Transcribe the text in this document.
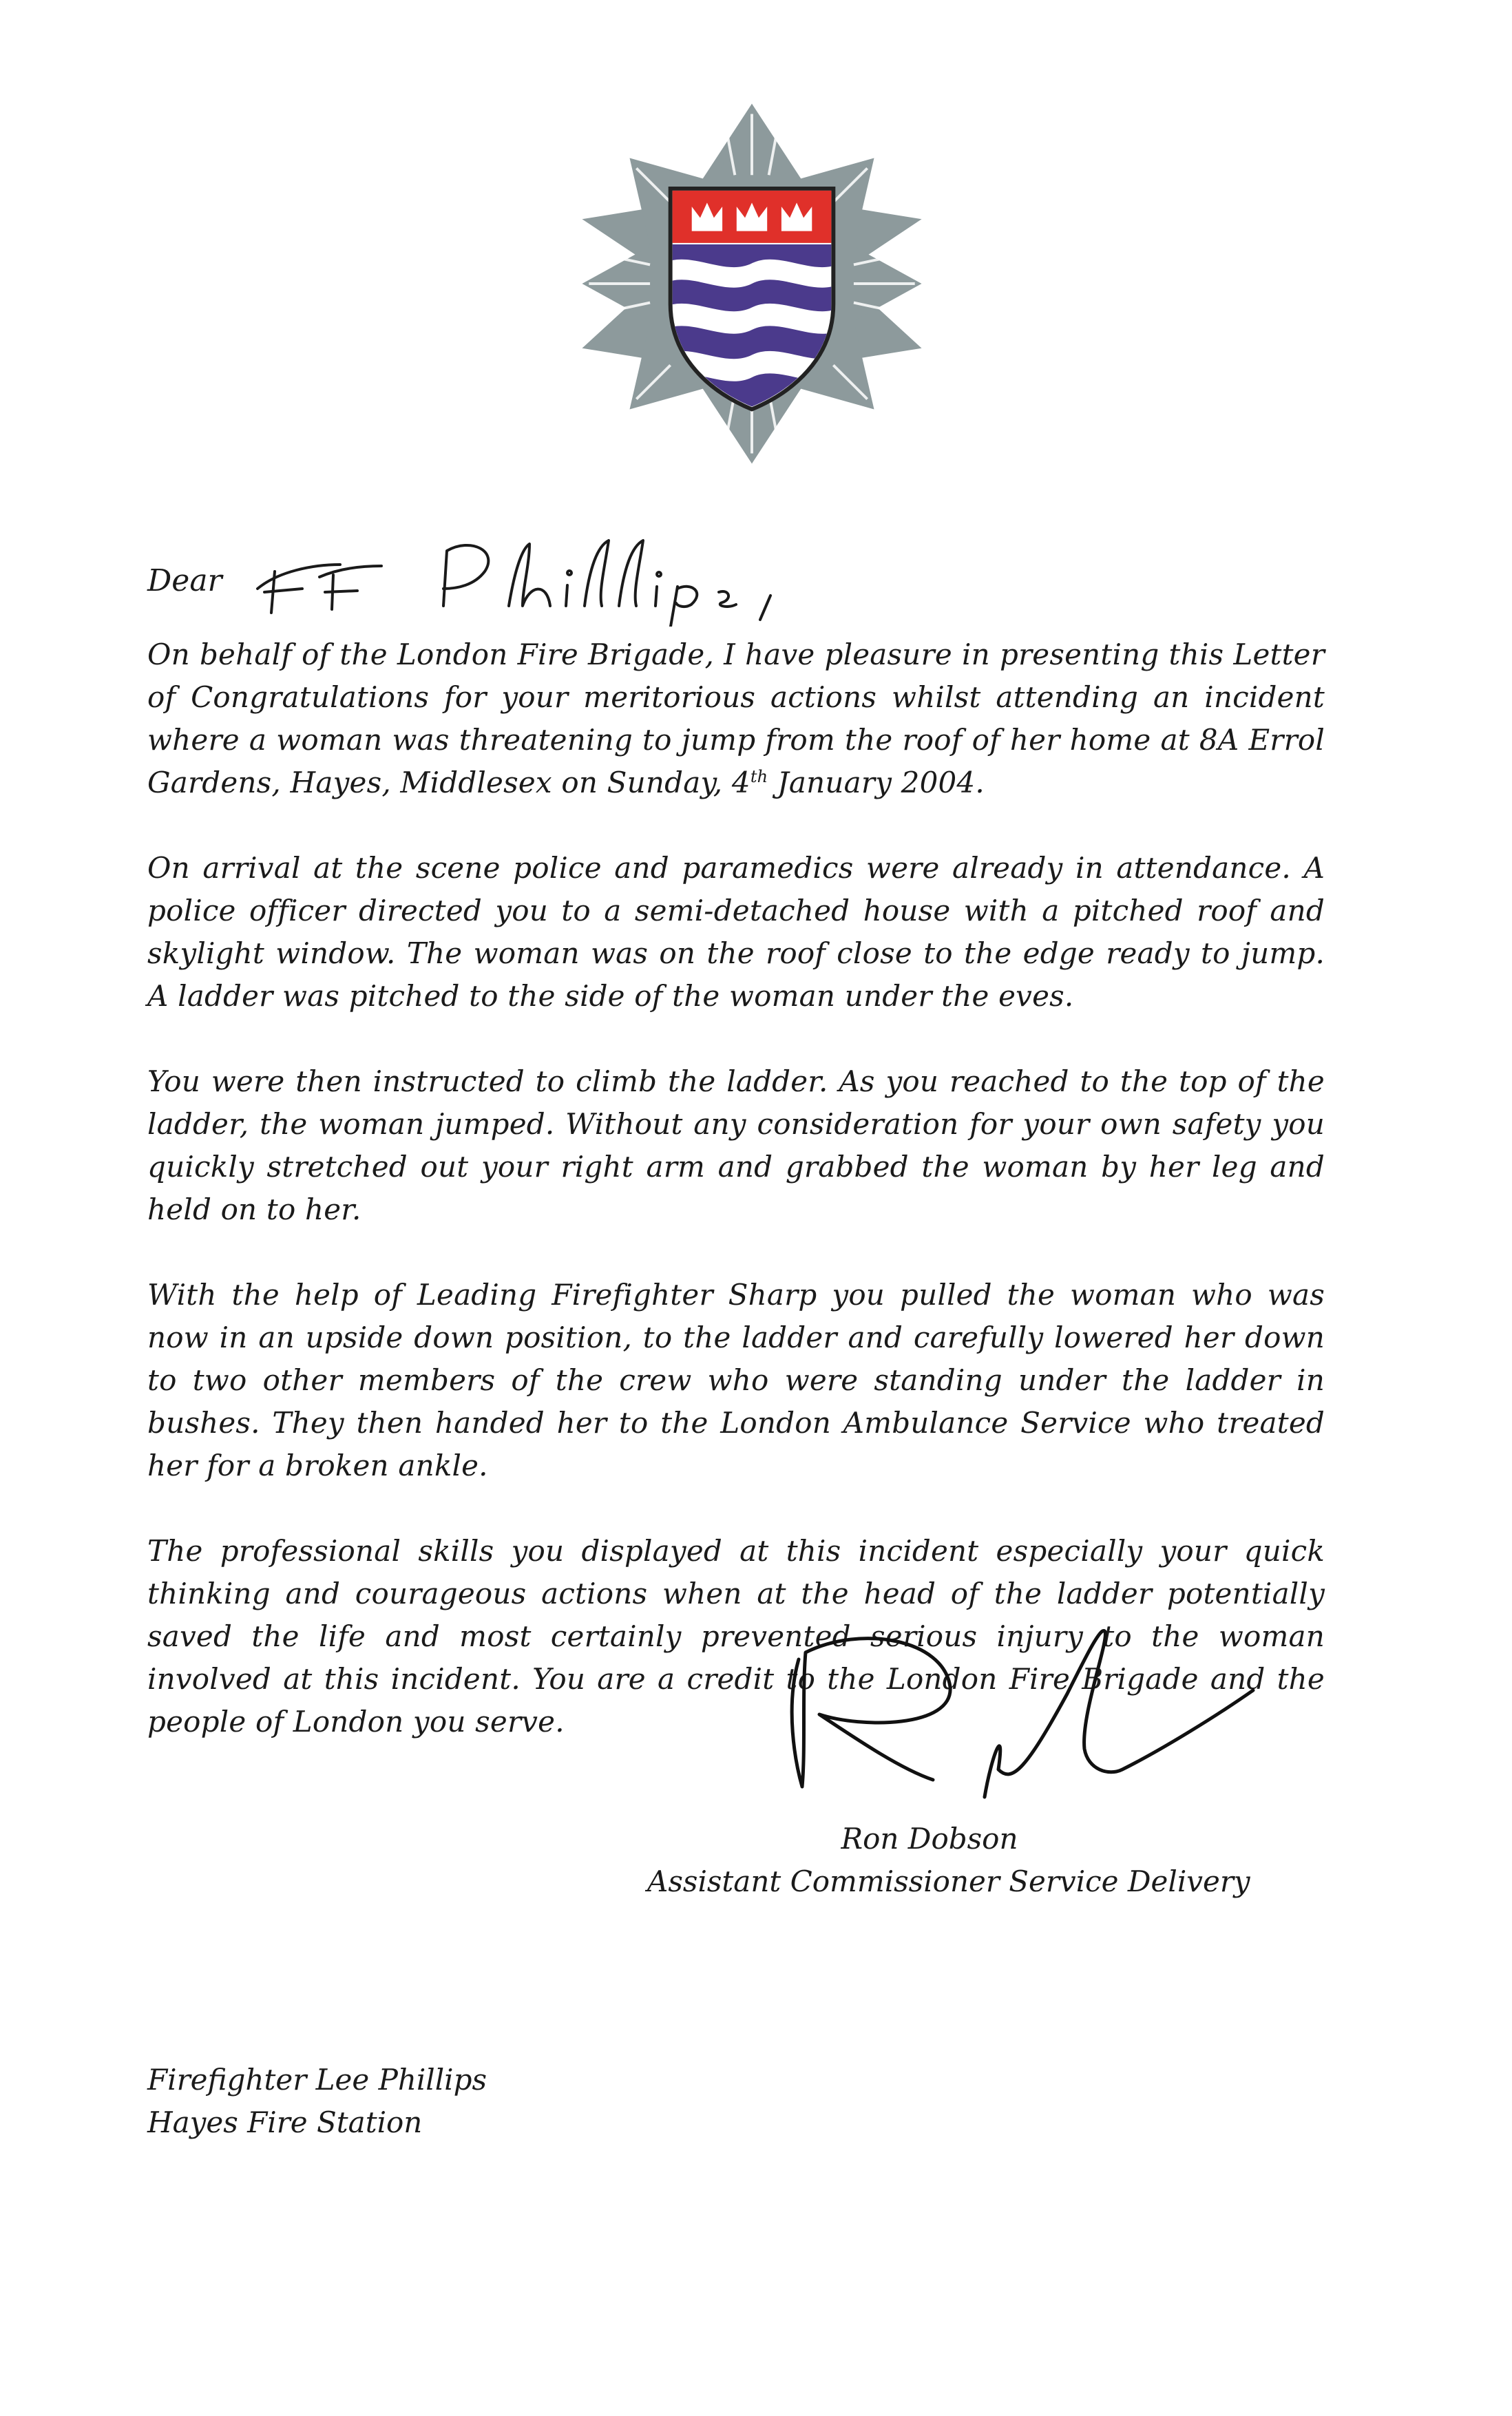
Dear

On behalf of the London Fire Brigade, I have pleasure in presenting this Letter of Congratulations for your meritorious actions whilst attending an incident where a woman was threatening to jump from the roof of her home at 8A Errol Gardens, Hayes, Middlesex on Sunday, 4th January 2004.

On arrival at the scene police and paramedics were already in attendance. A police officer directed you to a semi-detached house with a pitched roof and skylight window. The woman was on the roof close to the edge ready to jump. A ladder was pitched to the side of the woman under the eves.

You were then instructed to climb the ladder. As you reached to the top of the ladder, the woman jumped. Without any consideration for your own safety you quickly stretched out your right arm and grabbed the woman by her leg and held on to her.

With the help of Leading Firefighter Sharp you pulled the woman who was now in an upside down position, to the ladder and carefully lowered her down to two other members of the crew who were standing under the ladder in bushes. They then handed her to the London Ambulance Service who treated her for a broken ankle.

The professional skills you displayed at this incident especially your quick thinking and courageous actions when at the head of the ladder potentially saved the life and most certainly prevented serious injury to the woman involved at this incident. You are a credit to the London Fire Brigade and the people of London you serve.

Ron Dobson
Assistant Commissioner Service Delivery
Firefighter Lee Phillips
Hayes Fire Station
